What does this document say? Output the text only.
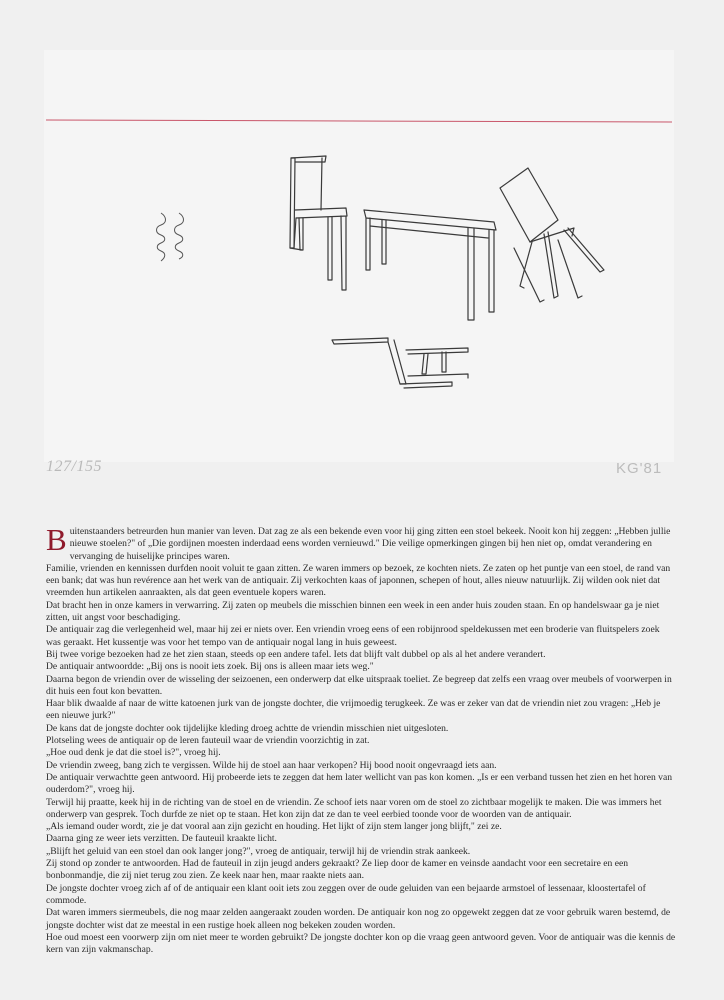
127/155	KG'81

Buitenstaanders betreurden hun manier van leven. Dat zag ze als een bekende even voor hij ging zitten een stoel bekeek. Nooit kon hij zeggen: „Hebben jullie nieuwe stoelen?" of „Die gordijnen moesten inderdaad eens worden vernieuwd." Die veilige opmerkingen gingen bij hen niet op, omdat verandering en vervanging de huiselijke principes waren.

Familie, vrienden en kennissen durfden nooit voluit te gaan zitten. Ze waren immers op bezoek, ze kochten niets. Ze zaten op het puntje van een stoel, de rand van een bank; dat was hun revérence aan het werk van de antiquair. Zij verkochten kaas of japonnen, schepen of hout, alles nieuw natuurlijk. Zij wilden ook niet dat vreemden hun artikelen aanraakten, als dat geen eventuele kopers waren.

Dat bracht hen in onze kamers in verwarring. Zij zaten op meubels die misschien binnen een week in een ander huis zouden staan. En op handelswaar ga je niet zitten, uit angst voor beschadiging.

De antiquair zag die verlegenheid wel, maar hij zei er niets over. Een vriendin vroeg eens of een robijnrood speldekussen met een broderie van fluitspelers zoek was geraakt. Het kussentje was voor het tempo van de antiquair nogal lang in huis geweest.

Bij twee vorige bezoeken had ze het zien staan, steeds op een andere tafel. Iets dat blijft valt dubbel op als al het andere verandert.

De antiquair antwoordde: „Bij ons is nooit iets zoek. Bij ons is alleen maar iets weg."

Daarna begon de vriendin over de wisseling der seizoenen, een onderwerp dat elke uitspraak toeliet. Ze begreep dat zelfs een vraag over meubels of voorwerpen in dit huis een fout kon bevatten.

Haar blik dwaalde af naar de witte katoenen jurk van de jongste dochter, die vrijmoedig terugkeek. Ze was er zeker van dat de vriendin niet zou vragen: „Heb je een nieuwe jurk?"

De kans dat de jongste dochter ook tijdelijke kleding droeg achtte de vriendin misschien niet uitgesloten.

Plotseling wees de antiquair op de leren fauteuil waar de vriendin voorzichtig in zat.

„Hoe oud denk je dat die stoel is?", vroeg hij.

De vriendin zweeg, bang zich te vergissen. Wilde hij de stoel aan haar verkopen? Hij bood nooit ongevraagd iets aan.

De antiquair verwachtte geen antwoord. Hij probeerde iets te zeggen dat hem later wellicht van pas kon komen. „Is er een verband tussen het zien en het horen van ouderdom?", vroeg hij.

Terwijl hij praatte, keek hij in de richting van de stoel en de vriendin. Ze schoof iets naar voren om de stoel zo zichtbaar mogelijk te maken. Die was immers het onderwerp van gesprek. Toch durfde ze niet op te staan. Het kon zijn dat ze dan te veel eerbied toonde voor de woorden van de antiquair.

„Als iemand ouder wordt, zie je dat vooral aan zijn gezicht en houding. Het lijkt of zijn stem langer jong blijft," zei ze.

Daarna ging ze weer iets verzitten. De fauteuil kraakte licht.

„Blijft het geluid van een stoel dan ook langer jong?", vroeg de antiquair, terwijl hij de vriendin strak aankeek.

Zij stond op zonder te antwoorden. Had de fauteuil in zijn jeugd anders gekraakt? Ze liep door de kamer en veinsde aandacht voor een secretaire en een bonbonmandje, die zij niet terug zou zien. Ze keek naar hen, maar raakte niets aan.

De jongste dochter vroeg zich af of de antiquair een klant ooit iets zou zeggen over de oude geluiden van een bejaarde armstoel of lessenaar, kloostertafel of commode.

Dat waren immers siermeubels, die nog maar zelden aangeraakt zouden worden. De antiquair kon nog zo opgewekt zeggen dat ze voor gebruik waren bestemd, de jongste dochter wist dat ze meestal in een rustige hoek alleen nog bekeken zouden worden.

Hoe oud moest een voorwerp zijn om niet meer te worden gebruikt? De jongste dochter kon op die vraag geen antwoord geven. Voor de antiquair was die kennis de kern van zijn vakmanschap.
